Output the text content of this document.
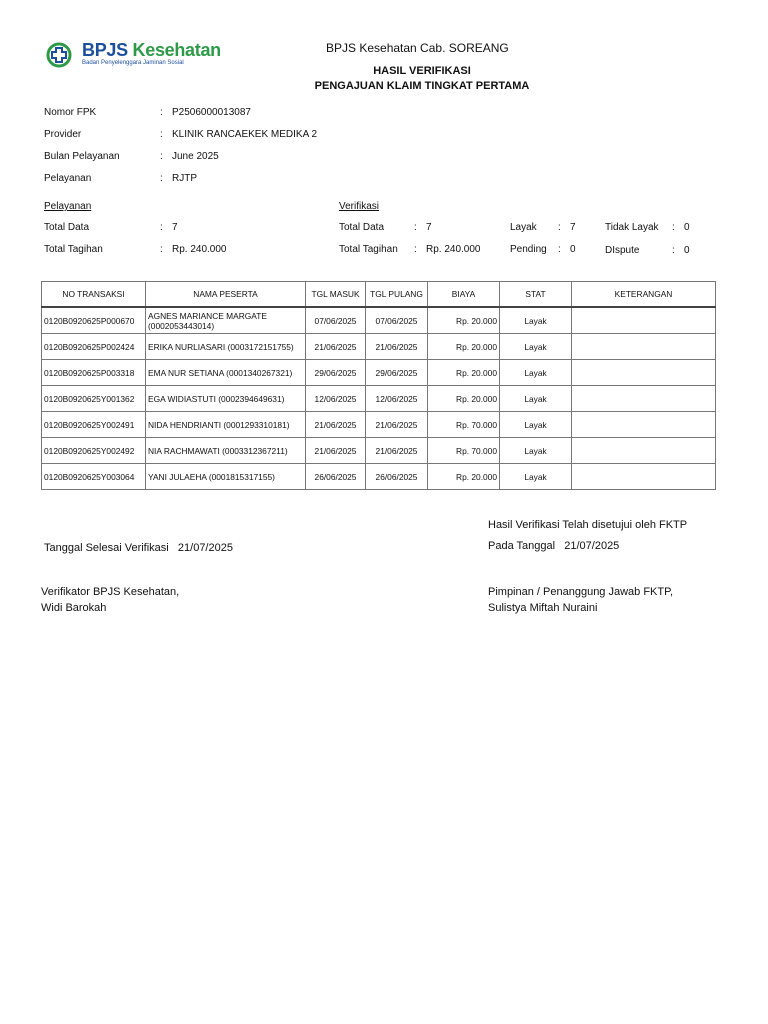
BPJS Kesehatan
Badan Penyelenggara Jaminan Sosial
BPJS Kesehatan Cab. SOREANG
HASIL VERIFIKASI
PENGAJUAN KLAIM TINGKAT PERTAMA
Nomor FPK	: P2506000013087
Provider	: KLINIK RANCAEKEK MEDIKA 2
Bulan Pelayanan	: June 2025
Pelayanan	: RJTP
Pelayanan	Verifikasi
Total Data	: 7
Total Tagihan	: Rp. 240.000
Total Data	: 7
Total Tagihan : Rp. 240.000
Layak : 7
Pending : 0
Tidak Layak : 0
DIspute	: 0
NO TRANSAKSI	NAMA PESERTA	TGL MASUK	TGL PULANG	BIAYA	STAT	KETERANGAN
0120B0920625P000670	AGNES MARIANCE MARGATE (0002053443014)	07/06/2025	07/06/2025	Rp. 20.000	Layak	
0120B0920625P002424	ERIKA NURLIASARI (0003172151755)	21/06/2025	21/06/2025	Rp. 20.000	Layak	
0120B0920625P003318	EMA NUR SETIANA (0001340267321)	29/06/2025	29/06/2025	Rp. 20.000	Layak	
0120B0920625Y001362	EGA WIDIASTUTI (0002394649631)	12/06/2025	12/06/2025	Rp. 20.000	Layak	
0120B0920625Y002491	NIDA HENDRIANTI (0001293310181)	21/06/2025	21/06/2025	Rp. 70.000	Layak	
0120B0920625Y002492	NIA RACHMAWATI (0003312367211)	21/06/2025	21/06/2025	Rp. 70.000	Layak	
0120B0920625Y003064	YANI JULAEHA (0001815317155)	26/06/2025	26/06/2025	Rp. 20.000	Layak	
Hasil Verifikasi Telah disetujui oleh FKTP
Tanggal Selesai Verifikasi   21/07/2025	Pada Tanggal   21/07/2025
Verifikator BPJS Kesehatan,
Widi Barokah
Pimpinan / Penanggung Jawab FKTP,
Sulistya Miftah Nuraini
